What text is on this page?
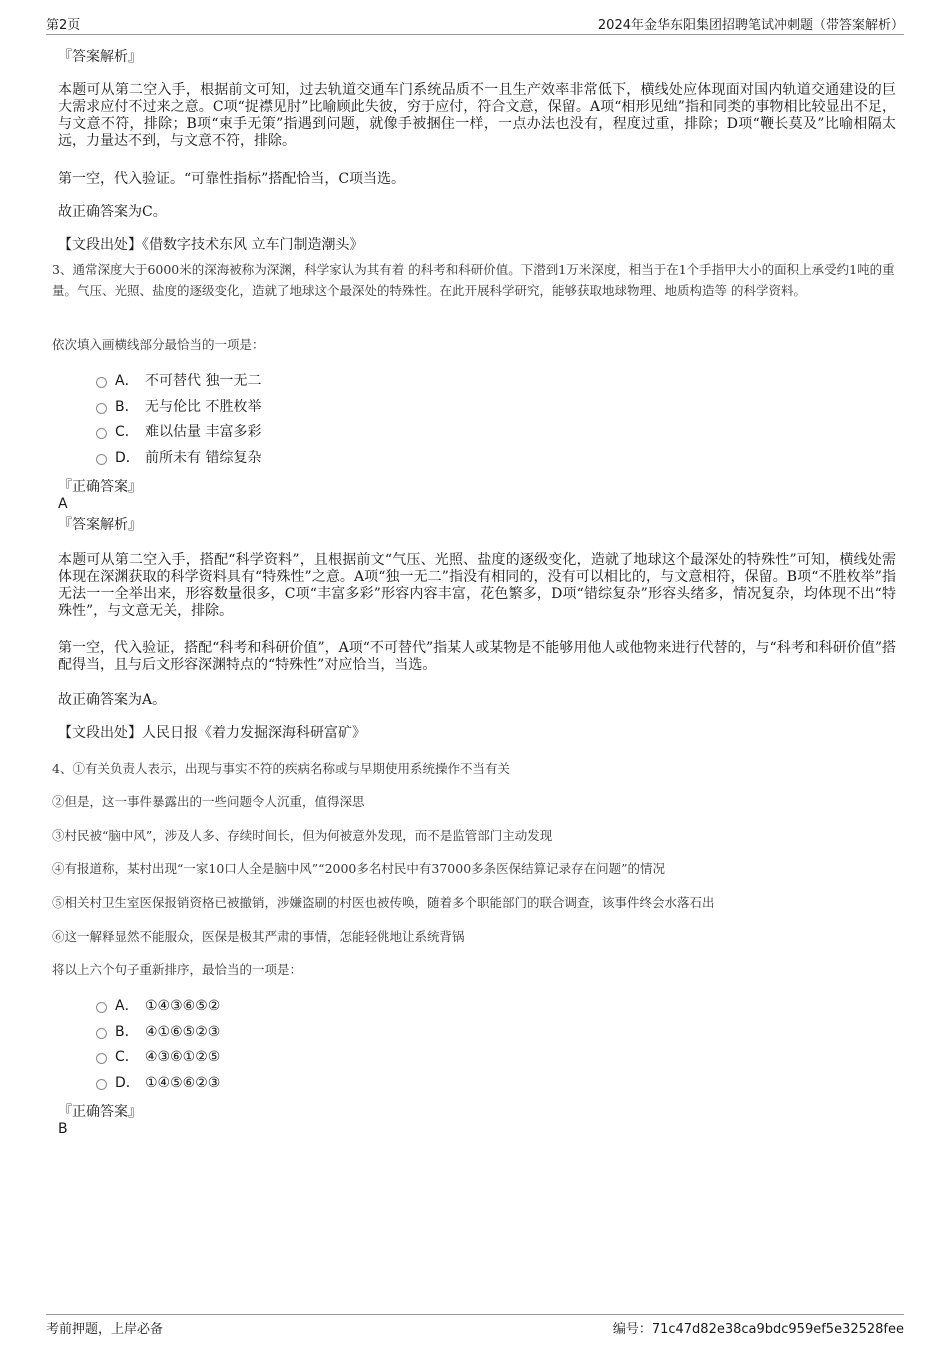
第2页	2024年金华东阳集团招聘笔试冲刺题（带答案解析）
『答案解析』
本题可从第二空入手，根据前文可知，过去轨道交通车门系统品质不一且生产效率非常低下，横线处应体现面对国内轨道交通建设的巨大需求应付不过来之意。C项“捉襟见肘”比喻顾此失彼，穷于应付，符合文意，保留。A项“相形见绌”指和同类的事物相比较显出不足，与文意不符，排除；B项“束手无策”指遇到问题，就像手被捆住一样，一点办法也没有，程度过重，排除；D项“鞭长莫及”比喻相隔太远，力量达不到，与文意不符，排除。
第一空，代入验证。“可靠性指标”搭配恰当，C项当选。
故正确答案为C。
【文段出处】《借数字技术东风 立车门制造潮头》
3、通常深度大于6000米的深海被称为深渊，科学家认为其有着 的科考和科研价值。下潜到1万米深度，相当于在1个手指甲大小的面积上承受约1吨的重量。气压、光照、盐度的逐级变化，造就了地球这个最深处的特殊性。在此开展科学研究，能够获取地球物理、地质构造等 的科学资料。
依次填入画横线部分最恰当的一项是：
A． 不可替代 独一无二
B． 无与伦比 不胜枚举
C． 难以估量 丰富多彩
D． 前所未有 错综复杂
『正确答案』
A
『答案解析』
本题可从第二空入手，搭配“科学资料”，且根据前文“气压、光照、盐度的逐级变化，造就了地球这个最深处的特殊性”可知，横线处需体现在深渊获取的科学资料具有“特殊性”之意。A项“独一无二”指没有相同的，没有可以相比的，与文意相符，保留。B项“不胜枚举”指无法一一全举出来，形容数量很多，C项“丰富多彩”形容内容丰富，花色繁多，D项“错综复杂”形容头绪多，情况复杂，均体现不出“特殊性”，与文意无关，排除。
第一空，代入验证，搭配“科考和科研价值”，A项“不可替代”指某人或某物是不能够用他人或他物来进行代替的，与“科考和科研价值”搭配得当，且与后文形容深渊特点的“特殊性”对应恰当，当选。
故正确答案为A。
【文段出处】人民日报《着力发掘深海科研富矿》
4、①有关负责人表示，出现与事实不符的疾病名称或与早期使用系统操作不当有关
②但是，这一事件暴露出的一些问题令人沉重，值得深思
③村民被“脑中风”，涉及人多、存续时间长，但为何被意外发现，而不是监管部门主动发现
④有报道称，某村出现“一家10口人全是脑中风”“2000多名村民中有37000多条医保结算记录存在问题”的情况
⑤相关村卫生室医保报销资格已被撤销，涉嫌盗刷的村医也被传唤，随着多个职能部门的联合调查，该事件终会水落石出
⑥这一解释显然不能服众，医保是极其严肃的事情，怎能轻佻地让系统背锅
将以上六个句子重新排序，最恰当的一项是：
A． ①④③⑥⑤②
B． ④①⑥⑤②③
C． ④③⑥①②⑤
D． ①④⑤⑥②③
『正确答案』
B
考前押题，上岸必备	编号：71c47d82e38ca9bdc959ef5e32528fee
